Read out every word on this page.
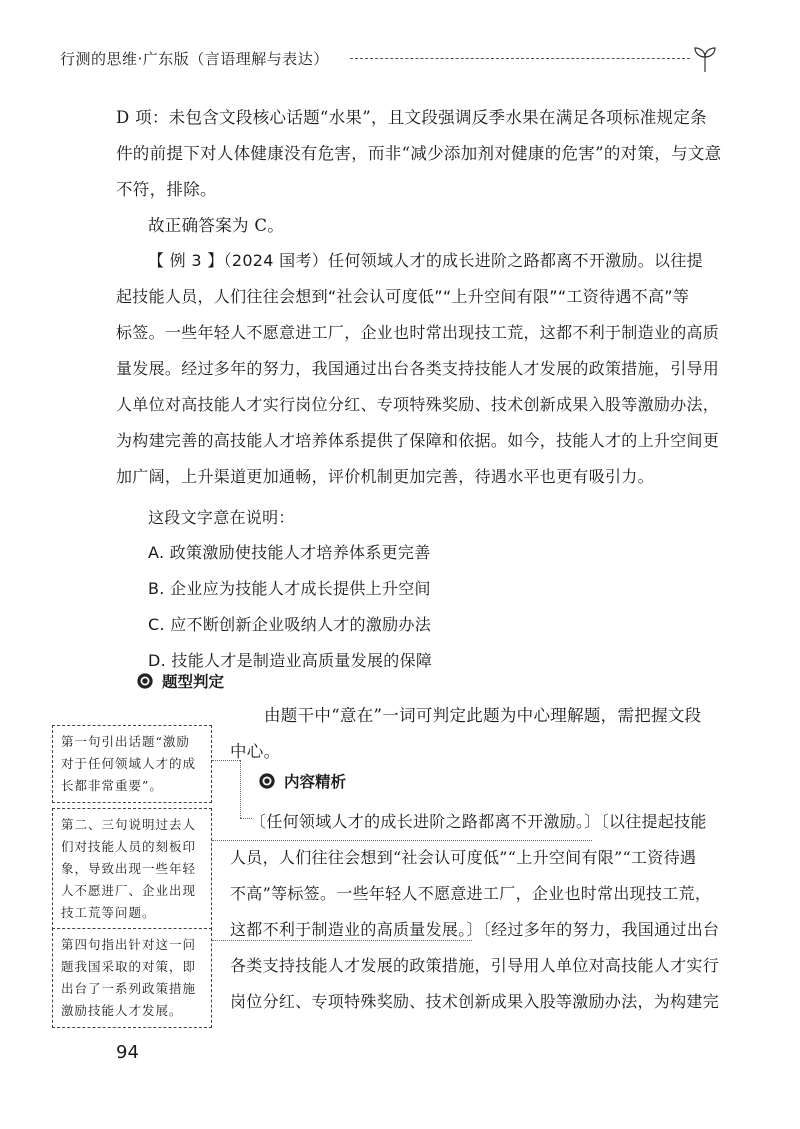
行测的思维·广东版（言语理解与表达）
D 项：未包含文段核心话题“水果”，且文段强调反季水果在满足各项标准规定条
件的前提下对人体健康没有危害，而非“减少添加剂对健康的危害”的对策，与文意
不符，排除。
故正确答案为 C。
【 例 3 】（2024 国考）任何领域人才的成长进阶之路都离不开激励。以往提
起技能人员，人们往往会想到“社会认可度低”“上升空间有限”“工资待遇不高”等
标签。一些年轻人不愿意进工厂，企业也时常出现技工荒，这都不利于制造业的高质
量发展。经过多年的努力，我国通过出台各类支持技能人才发展的政策措施，引导用
人单位对高技能人才实行岗位分红、专项特殊奖励、技术创新成果入股等激励办法，
为构建完善的高技能人才培养体系提供了保障和依据。如今，技能人才的上升空间更
加广阔，上升渠道更加通畅，评价机制更加完善，待遇水平也更有吸引力。
这段文字意在说明：
A. 政策激励使技能人才培养体系更完善
B. 企业应为技能人才成长提供上升空间
C. 应不断创新企业吸纳人才的激励办法
D. 技能人才是制造业高质量发展的保障
题型判定
由题干中“意在”一词可判定此题为中心理解题，需把握文段
中心。
内容精析
〔任何领域人才的成长进阶之路都离不开激励。〕〔以往提起技能
人员，人们往往会想到“社会认可度低”“上升空间有限”“工资待遇
不高”等标签。一些年轻人不愿意进工厂，企业也时常出现技工荒，
这都不利于制造业的高质量发展。〕〔经过多年的努力，我国通过出台
各类支持技能人才发展的政策措施，引导用人单位对高技能人才实行
岗位分红、专项特殊奖励、技术创新成果入股等激励办法，为构建完
第一句引出话题“激励
对于任何领域人才的成
长都非常重要”。
第二、三句说明过去人
们对技能人员的刻板印
象，导致出现一些年轻
人不愿进厂、企业出现
技工荒等问题。
第四句指出针对这一问
题我国采取的对策，即
出台了一系列政策措施
激励技能人才发展。
94
